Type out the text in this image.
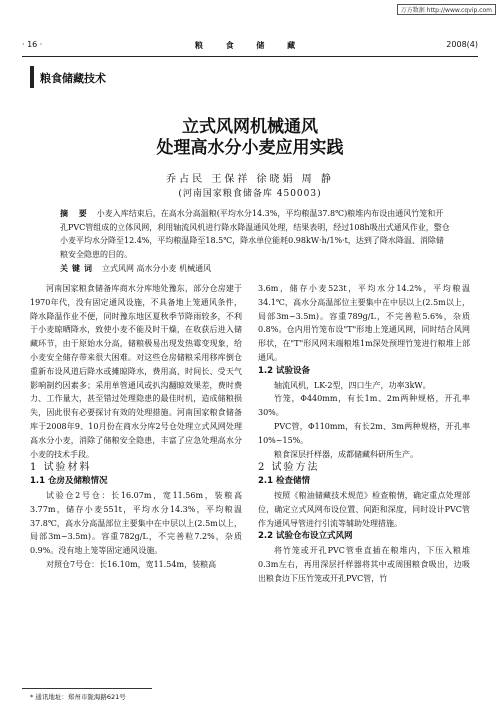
万方数据 http://www.cqvip.com
· 16 ·	粮 食 储 藏	2008(4)
粮食储藏技术
立式风网机械通风
处理高水分小麦应用实践
乔占民 王保祥 徐晓娟 周 静
(河南国家粮食储备库 450003)
摘 要 小麦入库结束后，在高水分高温粮(平均水分14.3%，平均粮温37.8℃)粮堆内布设由通风竹笼和开孔PVC管组成的立体风网，利用轴流风机进行降水降温通风处理，结果表明，经过108h吸出式通风作业，整仓小麦平均水分降至12.4%，平均粮温降至18.5℃，降水单位能耗0.98kW·h/1%·t，达到了降水降温、消除储粮安全隐患的目的。
关键词 立式风网 高水分小麦 机械通风

河南国家粮食储备库商水分库地处豫东，部分仓房建于1970年代，没有固定通风设施，不具备地上笼通风条件，降水降温作业不便，同时豫东地区夏秋季节降雨较多，不利于小麦晾晒降水，致使小麦不能及时干燥，在收获后进入储藏环节，由于原始水分高，储粮极易出现发热霉变现象，给小麦安全储存带来很大困难。对这些仓房储粮采用移库倒仓重新布设风道后降水或摊晾降水，费用高、时间长、受天气影响制约因素多；采用单管通风或扒沟翻晾效果差，费时费力、工作量大，甚至错过处理隐患的最佳时机，造成储粮损失，因此很有必要探讨有效的处理措施。河南国家粮食储备库于2008年9、10月份在商水分库2号仓处理立式风网处理高水分小麦，消除了储粮安全隐患，丰富了应急处理高水分小麦的技术手段。

1 试验材料

1.1 仓房及储粮情况

试验仓2号仓：长16.07m，宽11.56m，装粮高3.77m，储存小麦551t，平均水分14.3%，平均粮温37.8℃，高水分高温部位主要集中在中层以上(2.5m以上，局部3m~3.5m)。容重782g/L，不完善粒7.2%，杂质0.9%。没有地上笼等固定通风设施。

对照仓7号仓：长16.10m，宽11.54m，装粮高

3.6m，储存小麦523t，平均水分14.2%，平均粮温34.1℃，高水分高温部位主要集中在中层以上(2.5m以上，局部3m~3.5m)。容重789g/L，不完善粒5.6%，杂质0.8%。仓内用竹笼布设"T"形地上笼通风网，同时结合风网形状，在"T"形风网末端粮堆1m深处预埋竹笼进行粮堆上部通风。

1.2 试验设备

轴流风机，LK-2型，四口生产，功率3kW。

竹笼，Φ440mm，有长1m、2m两种规格，开孔率30%。

PVC管，Φ110mm，有长2m、3m两种规格，开孔率10%~15%。

粮食深层扦样器，成都储藏科研所生产。

2 试验方法

2.1 检查储情

按照《粮油储藏技术规范》检查粮情，确定重点处理部位，确定立式风网布设位置、间距和深度，同时设计PVC管作为通风导管进行引流等辅助处理措施。

2.2 试验仓布设立式风网

将竹笼或开孔PVC管垂直插在粮堆内，下压入粮堆0.3m左右，再用深层扦样器将其中或周围粮食吸出，边吸出粮食边下压竹笼或开孔PVC管，竹

* 通讯地址：郑州市陇海路621号
